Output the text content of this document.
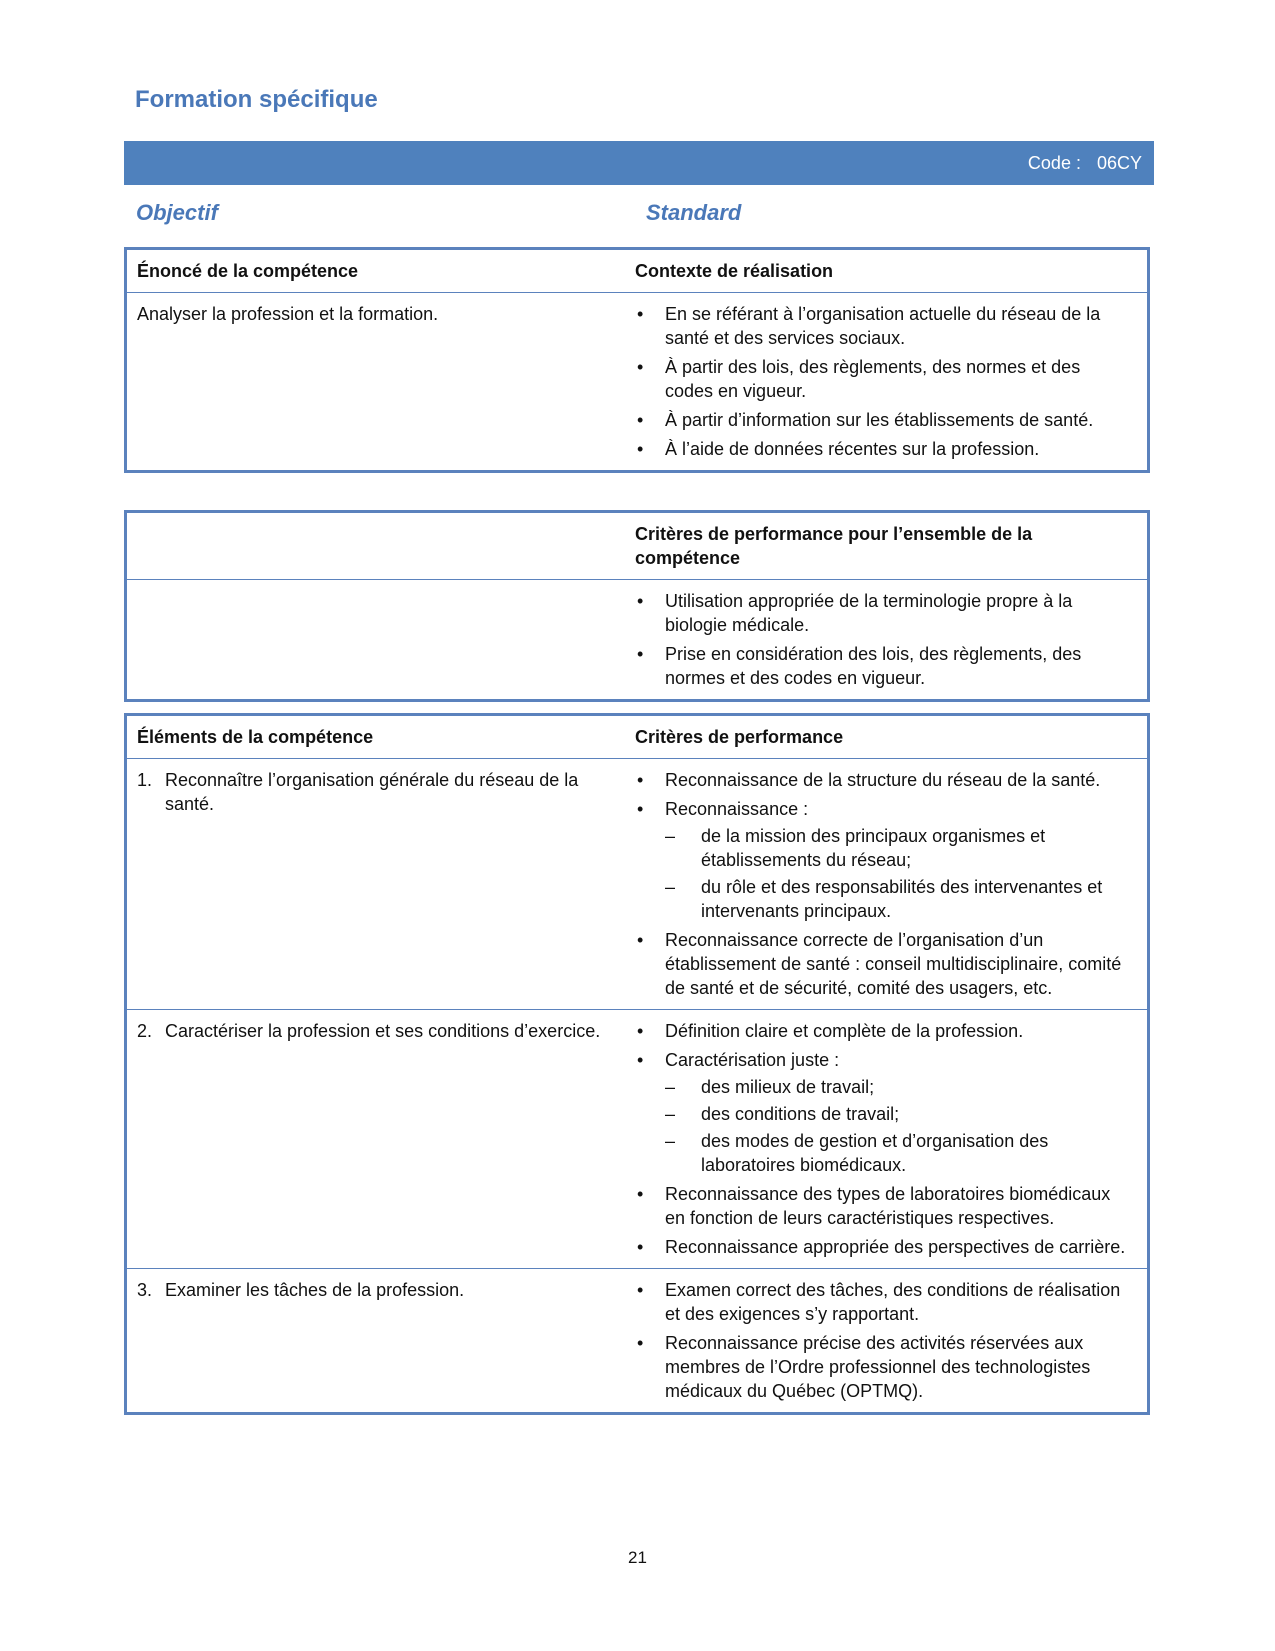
Formation spécifique
Code : 06CY
Objectif	Standard
Énoncé de la compétence	Contexte de réalisation
Analyser la profession et la formation.	• En se référant à l’organisation actuelle du réseau de la santé et des services sociaux.
• À partir des lois, des règlements, des normes et des codes en vigueur.
• À partir d’information sur les établissements de santé.
• À l’aide de données récentes sur la profession.
Critères de performance pour l’ensemble de la compétence
• Utilisation appropriée de la terminologie propre à la biologie médicale.
• Prise en considération des lois, des règlements, des normes et des codes en vigueur.
Éléments de la compétence	Critères de performance
1. Reconnaître l’organisation générale du réseau de la santé.
• Reconnaissance de la structure du réseau de la santé.
• Reconnaissance :
– de la mission des principaux organismes et établissements du réseau;
– du rôle et des responsabilités des intervenantes et intervenants principaux.
• Reconnaissance correcte de l’organisation d’un établissement de santé : conseil multidisciplinaire, comité de santé et de sécurité, comité des usagers, etc.
2. Caractériser la profession et ses conditions d’exercice.	• Définition claire et complète de la profession.
• Caractérisation juste :
– des milieux de travail;
– des conditions de travail;
– des modes de gestion et d’organisation des laboratoires biomédicaux.
• Reconnaissance des types de laboratoires biomédicaux en fonction de leurs caractéristiques respectives.
• Reconnaissance appropriée des perspectives de carrière.
3. Examiner les tâches de la profession.	• Examen correct des tâches, des conditions de réalisation et des exigences s’y rapportant.
• Reconnaissance précise des activités réservées aux membres de l’Ordre professionnel des technologistes médicaux du Québec (OPTMQ).
21
